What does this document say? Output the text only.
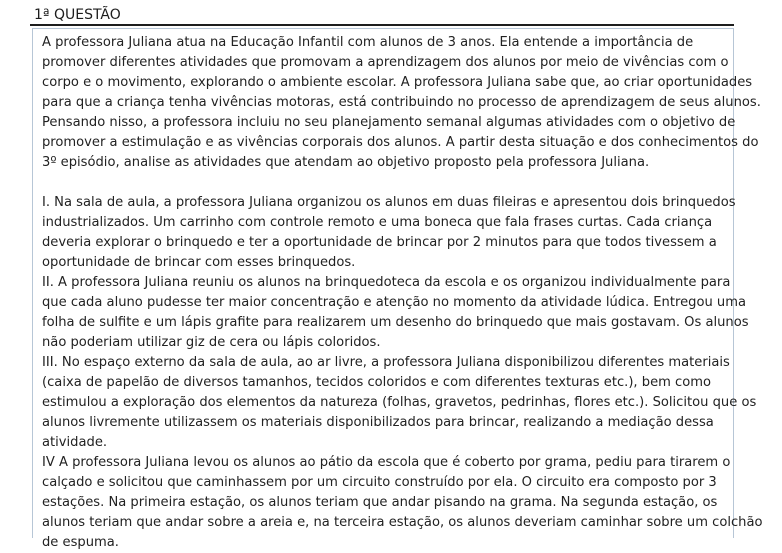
1ª QUESTÃO
A professora Juliana atua na Educação Infantil com alunos de 3 anos. Ela entende a importância de
promover diferentes atividades que promovam a aprendizagem dos alunos por meio de vivências com o
corpo e o movimento, explorando o ambiente escolar. A professora Juliana sabe que, ao criar oportunidades
para que a criança tenha vivências motoras, está contribuindo no processo de aprendizagem de seus alunos.
Pensando nisso, a professora incluiu no seu planejamento semanal algumas atividades com o objetivo de
promover a estimulação e as vivências corporais dos alunos. A partir desta situação e dos conhecimentos do
3º episódio, analise as atividades que atendam ao objetivo proposto pela professora Juliana.
I. Na sala de aula, a professora Juliana organizou os alunos em duas fileiras e apresentou dois brinquedos
industrializados. Um carrinho com controle remoto e uma boneca que fala frases curtas. Cada criança
deveria explorar o brinquedo e ter a oportunidade de brincar por 2 minutos para que todos tivessem a
oportunidade de brincar com esses brinquedos.
II. A professora Juliana reuniu os alunos na brinquedoteca da escola e os organizou individualmente para
que cada aluno pudesse ter maior concentração e atenção no momento da atividade lúdica. Entregou uma
folha de sulfite e um lápis grafite para realizarem um desenho do brinquedo que mais gostavam. Os alunos
não poderiam utilizar giz de cera ou lápis coloridos.
III. No espaço externo da sala de aula, ao ar livre, a professora Juliana disponibilizou diferentes materiais
(caixa de papelão de diversos tamanhos, tecidos coloridos e com diferentes texturas etc.), bem como
estimulou a exploração dos elementos da natureza (folhas, gravetos, pedrinhas, flores etc.). Solicitou que os
alunos livremente utilizassem os materiais disponibilizados para brincar, realizando a mediação dessa
atividade.
IV A professora Juliana levou os alunos ao pátio da escola que é coberto por grama, pediu para tirarem o
calçado e solicitou que caminhassem por um circuito construído por ela. O circuito era composto por 3
estações. Na primeira estação, os alunos teriam que andar pisando na grama. Na segunda estação, os
alunos teriam que andar sobre a areia e, na terceira estação, os alunos deveriam caminhar sobre um colchão
de espuma.
